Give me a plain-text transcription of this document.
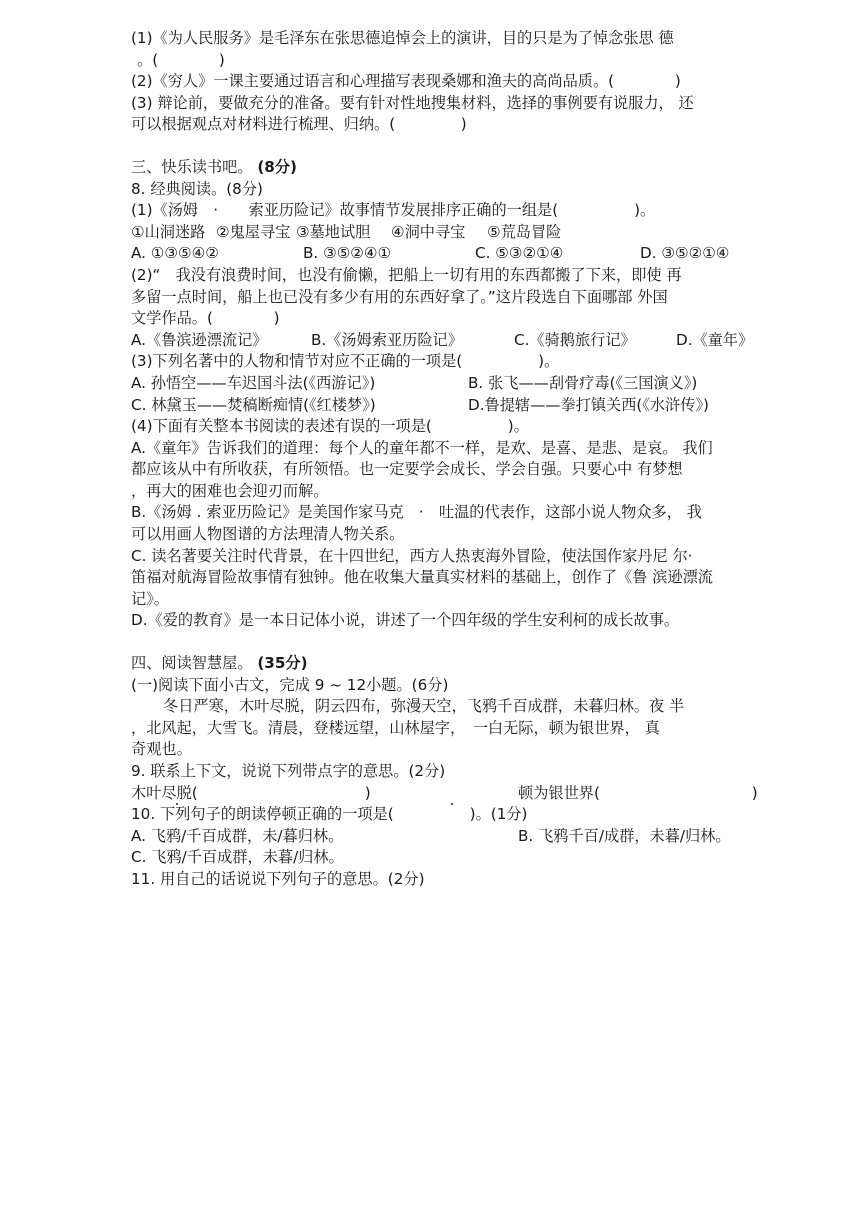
(1)《为人民服务》是毛泽东在张思德追悼会上的演讲，目的只是为了悼念张思 德
。(　　　　)
(2)《穷人》一课主要通过语言和心理描写表现桑娜和渔夫的高尚品质。(　　　　)
(3) 辩论前，要做充分的准备。要有针对性地搜集材料，选择的事例要有说服力， 还
可以根据观点对材料进行梳理、归纳。(　　　　 )
三、快乐读书吧。 (8分)
8. 经典阅读。(8分)
(1)《汤姆　·　　索亚历险记》故事情节发展排序正确的一组是(　　　　　)。
①山洞迷路 ②鬼屋寻宝 ③墓地试胆	④洞中寻宝	⑤荒岛冒险
A. ①③⑤④②	B. ③⑤②④①	C. ⑤③②①④	D. ③⑤②①④
(2)“　我没有浪费时间，也没有偷懒，把船上一切有用的东西都搬了下来，即使 再
多留一点时间，船上也已没有多少有用的东西好拿了。”这片段选自下面哪部 外国
文学作品。(　　　　)
A.《鲁滨逊漂流记》	B.《汤姆索亚历险记》	C.《骑鹅旅行记》	D.《童年》
(3)下列名著中的人物和情节对应不正确的一项是(　　　　　)。
A. 孙悟空——车迟国斗法(《西游记》)	B. 张飞——刮骨疗毒(《三国演义》)
C. 林黛玉——焚稿断痴情(《红楼梦》)	D.鲁提辖——拳打镇关西(《水浒传》)
(4)下面有关整本书阅读的表述有误的一项是(　　　　　)。
A.《童年》告诉我们的道理：每个人的童年都不一样，是欢、是喜、是悲、是哀。 我们
都应该从中有所收获，有所领悟。也一定要学会成长、学会自强。只要心中 有梦想
，再大的困难也会迎刃而解。
B.《汤姆 . 索亚历险记》是美国作家马克　·　吐温的代表作，这部小说人物众多， 我
可以用画人物图谱的方法理清人物关系。
C. 读名著要关注时代背景，在十四世纪，西方人热衷海外冒险，使法国作家丹尼 尔·
笛福对航海冒险故事情有独钟。他在收集大量真实材料的基础上，创作了《鲁 滨逊漂流
记》。
D.《爱的教育》是一本日记体小说，讲述了一个四年级的学生安利柯的成长故事。
四、阅读智慧屋。 (35分)
(一)阅读下面小古文，完成 9 ~ 12小题。(6分)
冬日严寒，木叶尽脱，阴云四布，弥漫天空，飞鸦千百成群，未暮归林。夜 半
，北风起，大雪飞。清晨，登楼远望，山林屋字，　一白无际，顿为银世界， 真
奇观也。
9. 联系上下文，说说下列带点字的意思。(2分)
木叶尽脱(　　　　　　　　　　　)	顿为银世界(　　　　　　　　　　)
10. 下列句子的朗读停顿正确的一项是(　　　　　)。(1分)
A. 飞鸦/千百成群，未/暮归林。	B. 飞鸦千百/成群，未暮/归林。
C. 飞鸦/千百成群，未暮/归林。
11. 用自己的话说说下列句子的意思。(2分)
